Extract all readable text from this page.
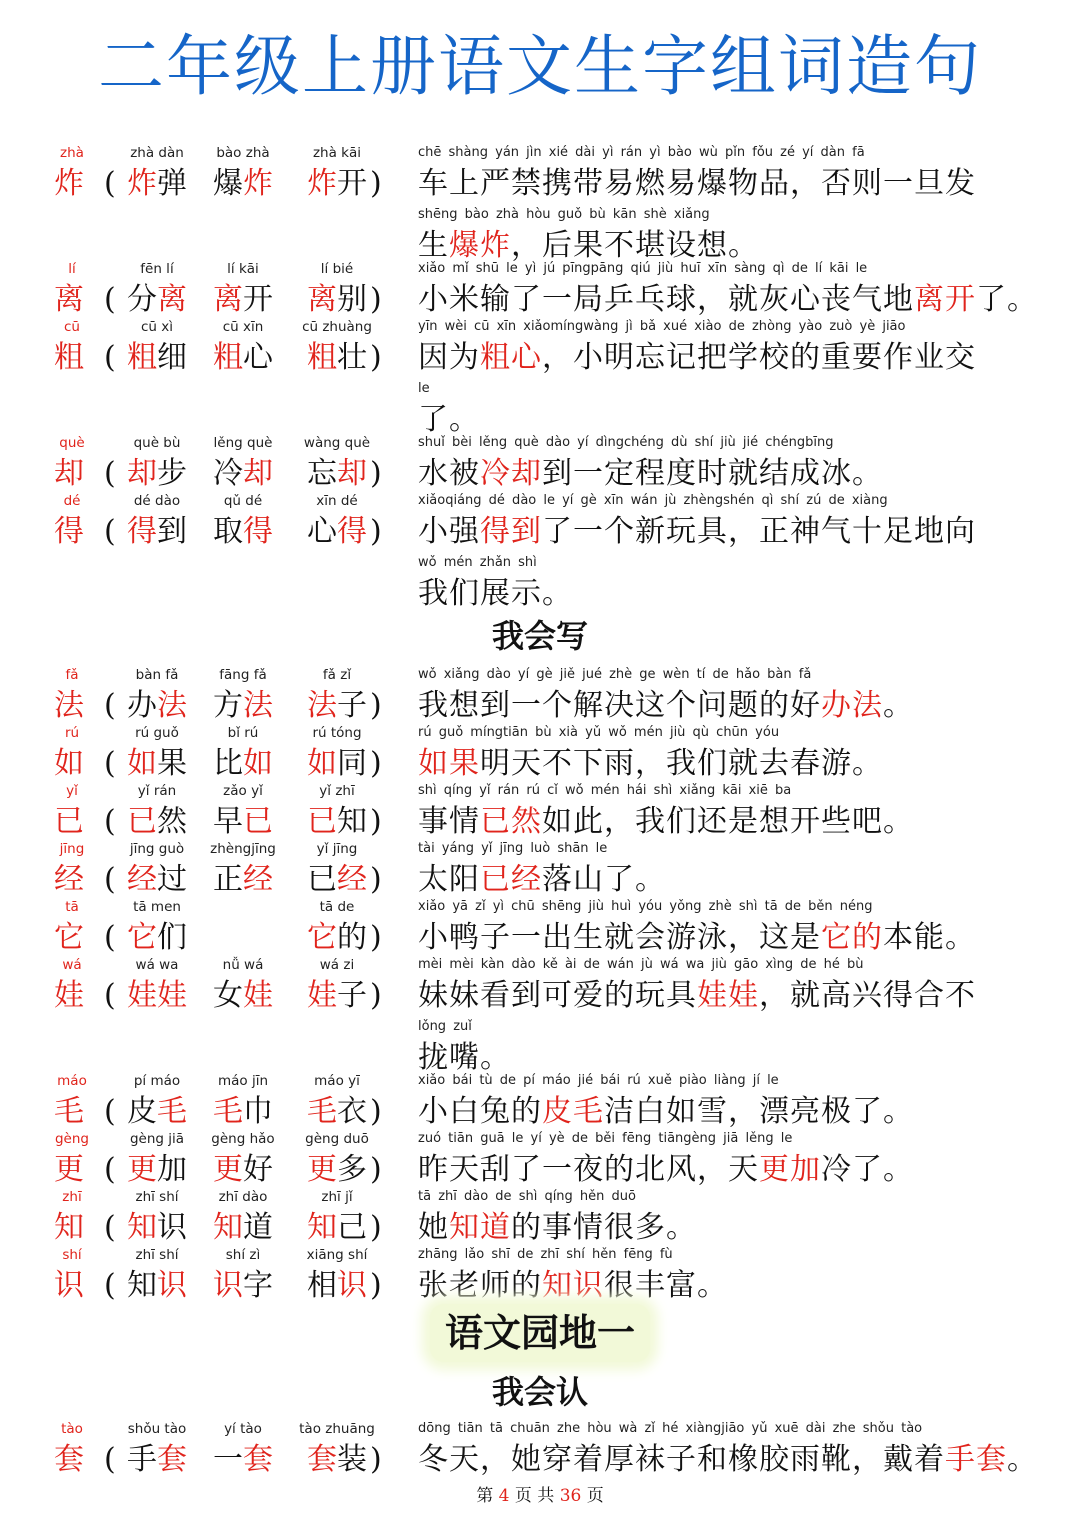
二年级上册语文生字组词造句
zhà
炸 (
zhà dàn
炸弹
bào zhà
爆炸
zhà kāi
炸开 )
chē shàng yán jìn xié dài yì rán yì bào wù pǐn fǒu zé yí dàn fā
车上严禁携带易燃易爆物品，否则一旦发
shēng bào zhà hòu guǒ bù kān shè xiǎng
生爆炸，后果不堪设想。
lí
离 (
fēn lí
分离
lí kāi
离开
lí bié
离别 )
xiǎo mǐ shū le yì jú pīngpāng qiú jiù huī xīn sàng qì de lí kāi le
小米输了一局乒乓球，就灰心丧气地离开了。
cū
粗 (
cū xì
粗细
cū xīn
粗心
cū zhuàng
粗壮 )
yīn wèi cū xīn xiǎomíngwàng jì bǎ xué xiào de zhòng yào zuò yè jiāo
因为粗心，小明忘记把学校的重要作业交
le
了。
què
却 (
què bù
却步
lěng què
冷却
wàng què
忘却 )
shuǐ bèi lěng què dào yí dìngchéng dù shí jiù jié chéngbīng
水被冷却到一定程度时就结成冰。
dé
得 (
dé dào
得到
qǔ dé
取得
xīn dé
心得 )
xiǎoqiáng dé dào le yí gè xīn wán jù zhèngshén qì shí zú de xiàng
小强得到了一个新玩具，正神气十足地向
wǒ mén zhǎn shì
我们展示。
fǎ
法 (
bàn fǎ
办法
fāng fǎ
方法
fǎ zǐ
法子 )
wǒ xiǎng dào yí gè jiě jué zhè ge wèn tí de hǎo bàn fǎ
我想到一个解决这个问题的好办法。
rú
如 (
rú guǒ
如果
bǐ rú
比如
rú tóng
如同 )
rú guǒ míngtiān bù xià yǔ wǒ mén jiù qù chūn yóu
如果明天不下雨，我们就去春游。
yǐ
已 (
yǐ rán
已然
zǎo yǐ
早已
yǐ zhī
已知 )
shì qíng yǐ rán rú cǐ wǒ mén hái shì xiǎng kāi xiē ba
事情已然如此，我们还是想开些吧。
jīng
经 (
jīng guò
经过
zhèngjīng
正经
yǐ jīng
已经 )
tài yáng yǐ jīng luò shān le
太阳已经落山了。
tā
它 (
tā men
它们
tā de
它的 )
xiǎo yā zǐ yì chū shēng jiù huì yóu yǒng zhè shì tā de běn néng
小鸭子一出生就会游泳，这是它的本能。
wá
娃 (
wá wa
娃娃
nǚ wá
女娃
wá zi
娃子 )
mèi mèi kàn dào kě ài de wán jù wá wa jiù gāo xìng de hé bù
妹妹看到可爱的玩具娃娃，就高兴得合不
lǒng zuǐ
拢嘴。
máo
毛 (
pí máo
皮毛
máo jīn
毛巾
máo yī
毛衣 )
xiǎo bái tù de pí máo jié bái rú xuě piào liàng jí le
小白兔的皮毛洁白如雪，漂亮极了。
gèng
更 (
gèng jiā
更加
gèng hǎo
更好
gèng duō
更多 )
zuó tiān guā le yí yè de běi fēng tiāngèng jiā lěng le
昨天刮了一夜的北风，天更加冷了。
zhī
知 (
zhī shí
知识
zhī dào
知道
zhī jǐ
知己 )
tā zhī dào de shì qíng hěn duō
她知道的事情很多。
shí
识 (
zhī shí
知识
shí zì
识字
xiāng shí
相识 )
zhāng lǎo shī de zhī shí hěn fēng fù
张老师的知识很丰富。
tào
套 (
shǒu tào
手套
yí tào
一套
tào zhuāng
套装 )
dōng tiān tā chuān zhe hòu wà zǐ hé xiàngjiāo yǔ xuē dài zhe shǒu tào
冬天，她穿着厚袜子和橡胶雨靴，戴着手套。
我会写
语文园地一
我会认
第 4 页 共 36 页
